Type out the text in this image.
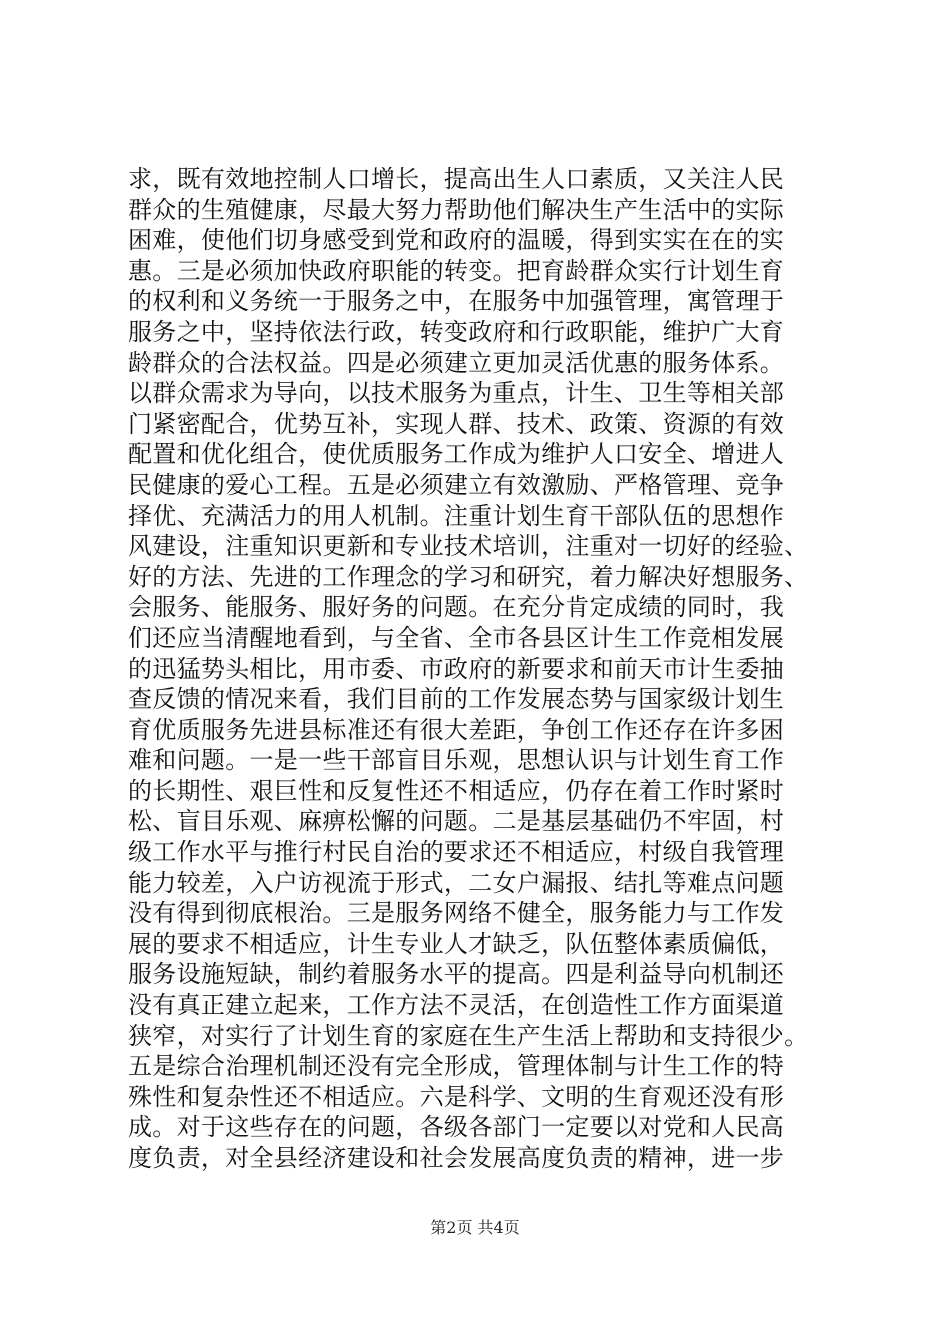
求，既有效地控制人口增长，提高出生人口素质，又关注人民
群众的生殖健康，尽最大努力帮助他们解决生产生活中的实际
困难，使他们切身感受到党和政府的温暖，得到实实在在的实
惠。三是必须加快政府职能的转变。把育龄群众实行计划生育
的权利和义务统一于服务之中，在服务中加强管理，寓管理于
服务之中，坚持依法行政，转变政府和行政职能，维护广大育
龄群众的合法权益。四是必须建立更加灵活优惠的服务体系。
以群众需求为导向，以技术服务为重点，计生、卫生等相关部
门紧密配合，优势互补，实现人群、技术、政策、资源的有效
配置和优化组合，使优质服务工作成为维护人口安全、增进人
民健康的爱心工程。五是必须建立有效激励、严格管理、竞争
择优、充满活力的用人机制。注重计划生育干部队伍的思想作
风建设，注重知识更新和专业技术培训，注重对一切好的经验、
好的方法、先进的工作理念的学习和研究，着力解决好想服务、
会服务、能服务、服好务的问题。在充分肯定成绩的同时，我
们还应当清醒地看到，与全省、全市各县区计生工作竞相发展
的迅猛势头相比，用市委、市政府的新要求和前天市计生委抽
查反馈的情况来看，我们目前的工作发展态势与国家级计划生
育优质服务先进县标准还有很大差距，争创工作还存在许多困
难和问题。一是一些干部盲目乐观，思想认识与计划生育工作
的长期性、艰巨性和反复性还不相适应，仍存在着工作时紧时
松、盲目乐观、麻痹松懈的问题。二是基层基础仍不牢固，村
级工作水平与推行村民自治的要求还不相适应，村级自我管理
能力较差，入户访视流于形式，二女户漏报、结扎等难点问题
没有得到彻底根治。三是服务网络不健全，服务能力与工作发
展的要求不相适应，计生专业人才缺乏，队伍整体素质偏低，
服务设施短缺，制约着服务水平的提高。四是利益导向机制还
没有真正建立起来，工作方法不灵活，在创造性工作方面渠道
狭窄，对实行了计划生育的家庭在生产生活上帮助和支持很少。
五是综合治理机制还没有完全形成，管理体制与计生工作的特
殊性和复杂性还不相适应。六是科学、文明的生育观还没有形
成。对于这些存在的问题，各级各部门一定要以对党和人民高
度负责，对全县经济建设和社会发展高度负责的精神，进一步
第2页 共4页
